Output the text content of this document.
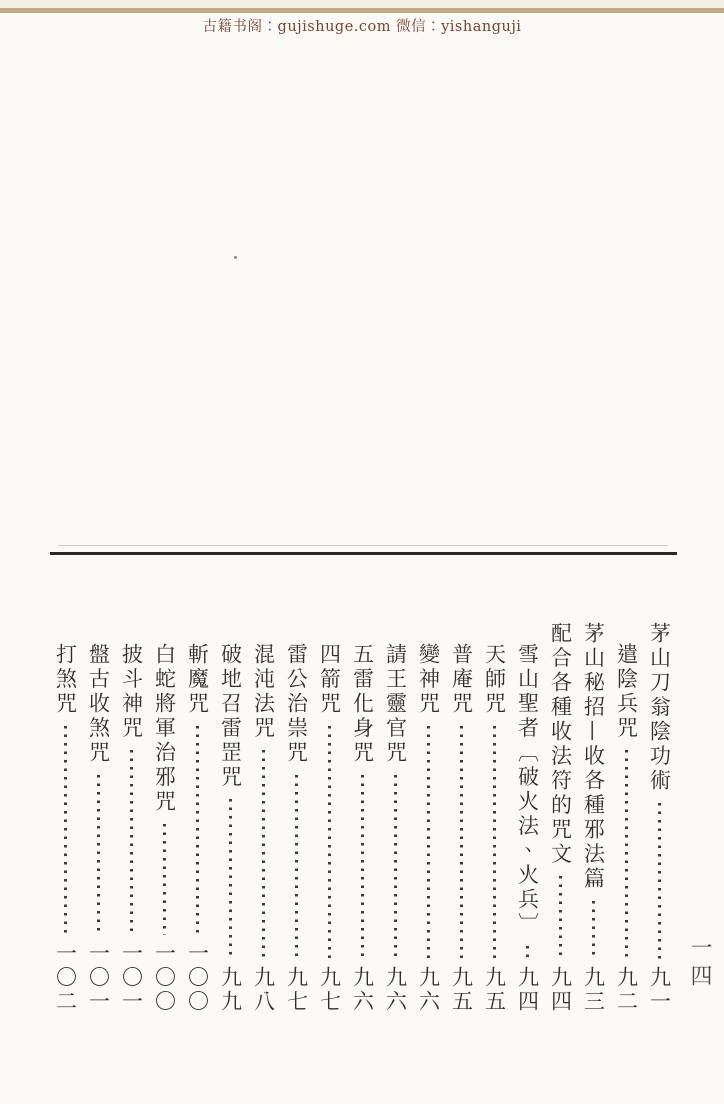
古籍书阁：gujishuge.com 微信：yishanguji
茅山刀翁陰功術
九一
遣陰兵咒
九二
茅山秘招—收各種邪法篇
九三
配合各種收法符的咒文
九四
雪山聖者〔破火法、火兵〕
九四
天師咒
九五
普庵咒
九五
變神咒
九六
請王靈官咒
九六
五雷化身咒
九六
四箭咒
九七
雷公治祟咒
九七
混沌法咒
九八
破地召雷罡咒
九九
斬魔咒
一〇〇
白蛇將軍治邪咒
一〇〇
披斗神咒
一〇一
盤古收煞咒
一〇一
打煞咒
一〇二	一四
